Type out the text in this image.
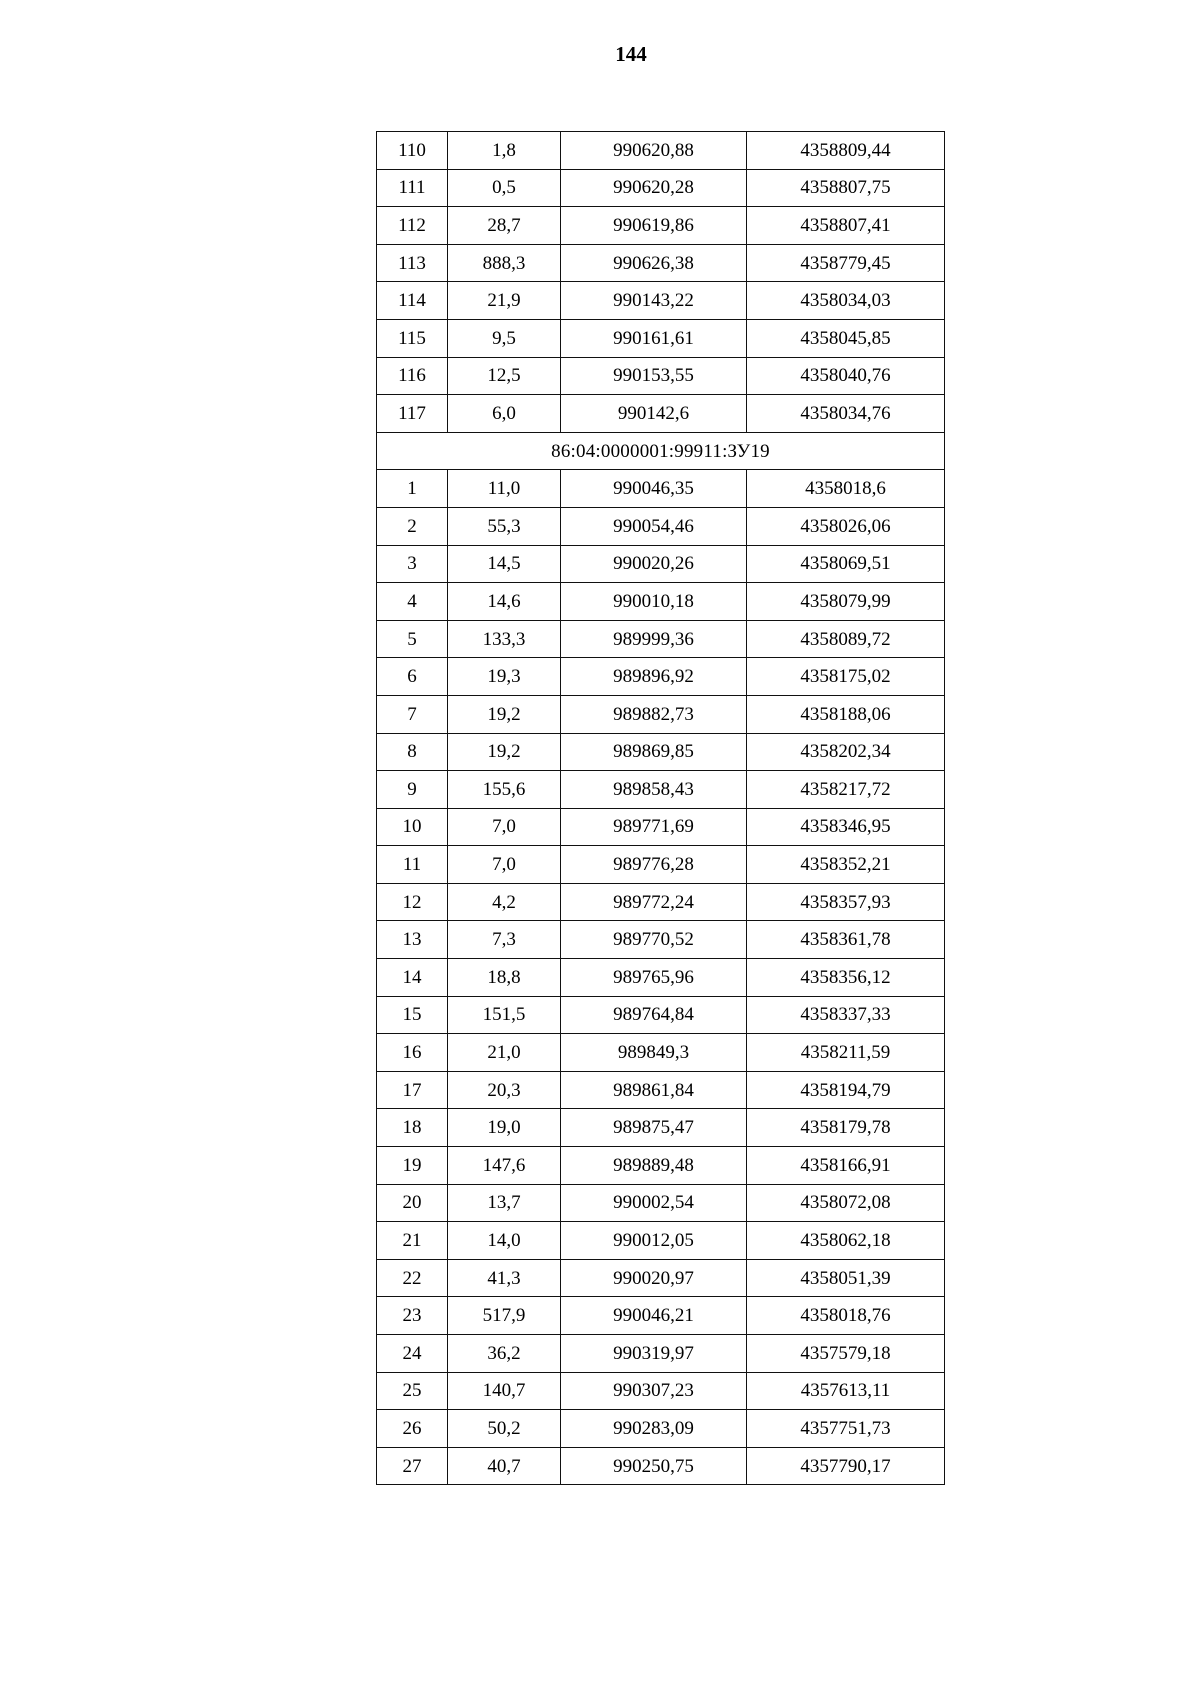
144
110	1,8	990620,88	4358809,44
111	0,5	990620,28	4358807,75
112	28,7	990619,86	4358807,41
113	888,3	990626,38	4358779,45
114	21,9	990143,22	4358034,03
115	9,5	990161,61	4358045,85
116	12,5	990153,55	4358040,76
117	6,0	990142,6	4358034,76
86:04:0000001:99911:ЗУ19			
1	11,0	990046,35	4358018,6
2	55,3	990054,46	4358026,06
3	14,5	990020,26	4358069,51
4	14,6	990010,18	4358079,99
5	133,3	989999,36	4358089,72
6	19,3	989896,92	4358175,02
7	19,2	989882,73	4358188,06
8	19,2	989869,85	4358202,34
9	155,6	989858,43	4358217,72
10	7,0	989771,69	4358346,95
11	7,0	989776,28	4358352,21
12	4,2	989772,24	4358357,93
13	7,3	989770,52	4358361,78
14	18,8	989765,96	4358356,12
15	151,5	989764,84	4358337,33
16	21,0	989849,3	4358211,59
17	20,3	989861,84	4358194,79
18	19,0	989875,47	4358179,78
19	147,6	989889,48	4358166,91
20	13,7	990002,54	4358072,08
21	14,0	990012,05	4358062,18
22	41,3	990020,97	4358051,39
23	517,9	990046,21	4358018,76
24	36,2	990319,97	4357579,18
25	140,7	990307,23	4357613,11
26	50,2	990283,09	4357751,73
27	40,7	990250,75	4357790,17
